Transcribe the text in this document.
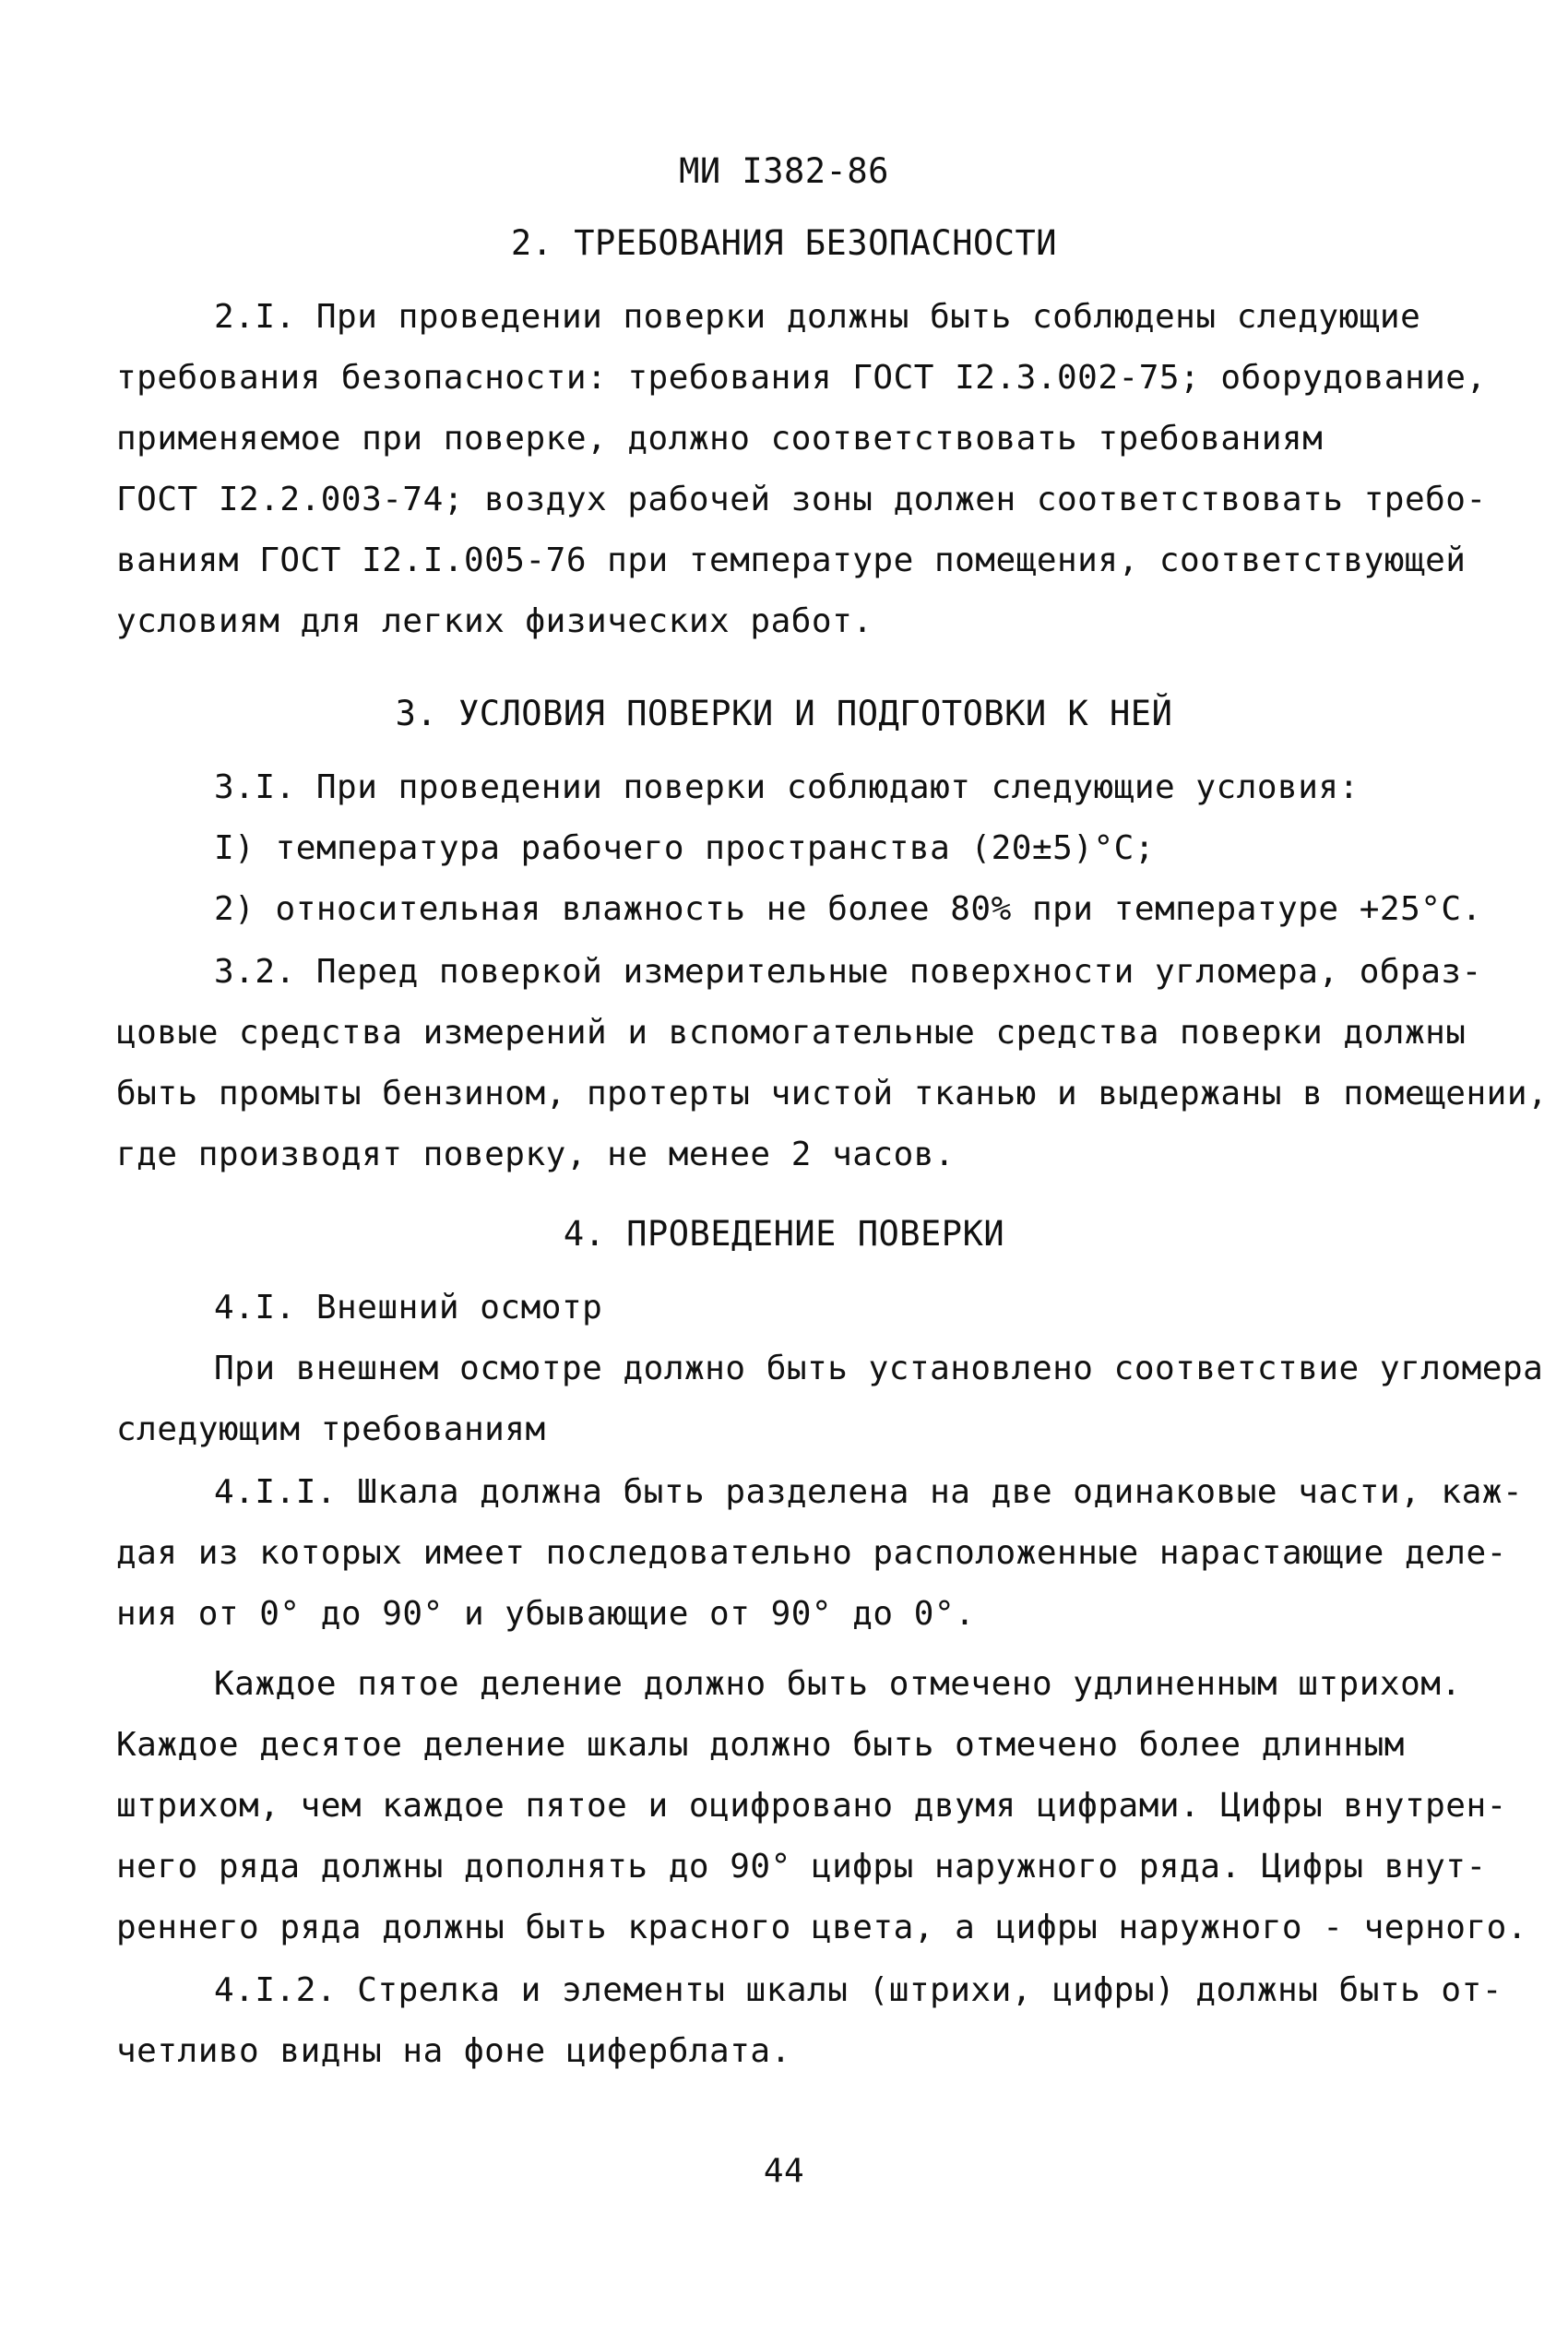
МИ I382-86
2. ТРЕБОВАНИЯ БЕЗОПАСНОСТИ
2.I. При проведении поверки должны быть соблюдены следующие
требования безопасности: требования ГОСТ I2.3.002-75; оборудование,
применяемое при поверке, должно соответствовать требованиям
ГОСТ I2.2.003-74; воздух рабочей зоны должен соответствовать требо-
ваниям ГОСТ I2.I.005-76 при температуре помещения, соответствующей
условиям для легких физических работ.
3. УСЛОВИЯ ПОВЕРКИ И ПОДГОТОВКИ К НЕЙ
3.I. При проведении поверки соблюдают следующие условия:
I) температура рабочего пространства (20±5)°C;
2) относительная влажность не более 80% при температуре +25°C.
3.2. Перед поверкой измерительные поверхности угломера, образ-
цовые средства измерений и вспомогательные средства поверки должны
быть промыты бензином, протерты чистой тканью и выдержаны в помещении,
где производят поверку, не менее 2 часов.
4. ПРОВЕДЕНИЕ ПОВЕРКИ
4.I. Внешний осмотр
При внешнем осмотре должно быть установлено соответствие угломера
следующим требованиям
4.I.I. Шкала должна быть разделена на две одинаковые части, каж-
дая из которых имеет последовательно расположенные нарастающие деле-
ния от 0° до 90° и убывающие от 90° до 0°.
Каждое пятое деление должно быть отмечено удлиненным штрихом.
Каждое десятое деление шкалы должно быть отмечено более длинным
штрихом, чем каждое пятое и оцифровано двумя цифрами. Цифры внутрен-
него ряда должны дополнять до 90° цифры наружного ряда. Цифры внут-
реннего ряда должны быть красного цвета, а цифры наружного - черного.
4.I.2. Стрелка и элементы шкалы (штрихи, цифры) должны быть от-
четливо видны на фоне циферблата.
44
